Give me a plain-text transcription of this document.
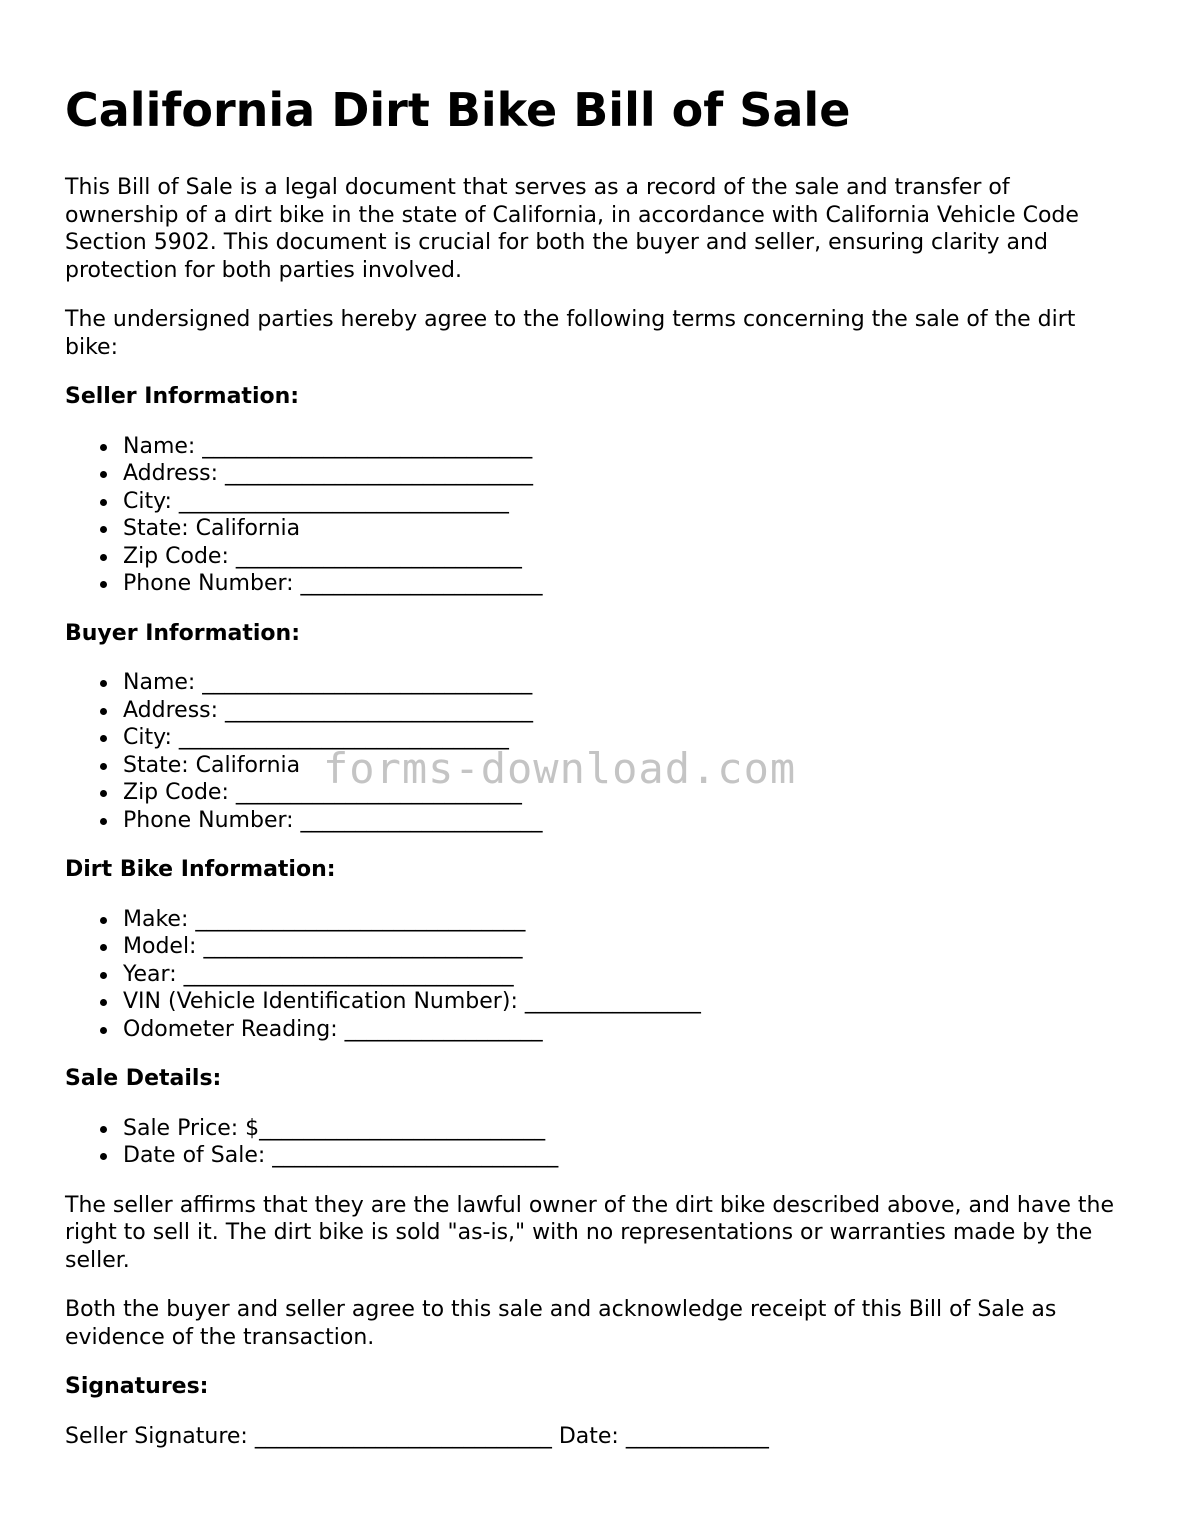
California Dirt Bike Bill of Sale

This Bill of Sale is a legal document that serves as a record of the sale and transfer of ownership of a dirt bike in the state of California, in accordance with California Vehicle Code Section 5902. This document is crucial for both the buyer and seller, ensuring clarity and protection for both parties involved.

The undersigned parties hereby agree to the following terms concerning the sale of the dirt bike:

Seller Information:
Name: ______________________________
Address: ____________________________
City: ______________________________
State: California
Zip Code: __________________________
Phone Number: ______________________
Buyer Information:
Name: ______________________________
Address: ____________________________
City: ______________________________
State: California
Zip Code: __________________________
Phone Number: ______________________
Dirt Bike Information:
Make: ______________________________
Model: _____________________________
Year: ______________________________
VIN (Vehicle Identification Number): ________________
Odometer Reading: __________________
Sale Details:
Sale Price: $__________________________
Date of Sale: __________________________

The seller affirms that they are the lawful owner of the dirt bike described above, and have the right to sell it. The dirt bike is sold "as-is," with no representations or warranties made by the seller.

Both the buyer and seller agree to this sale and acknowledge receipt of this Bill of Sale as evidence of the transaction.

Signatures:

Seller Signature: ___________________________ Date: _____________

forms-download.com
